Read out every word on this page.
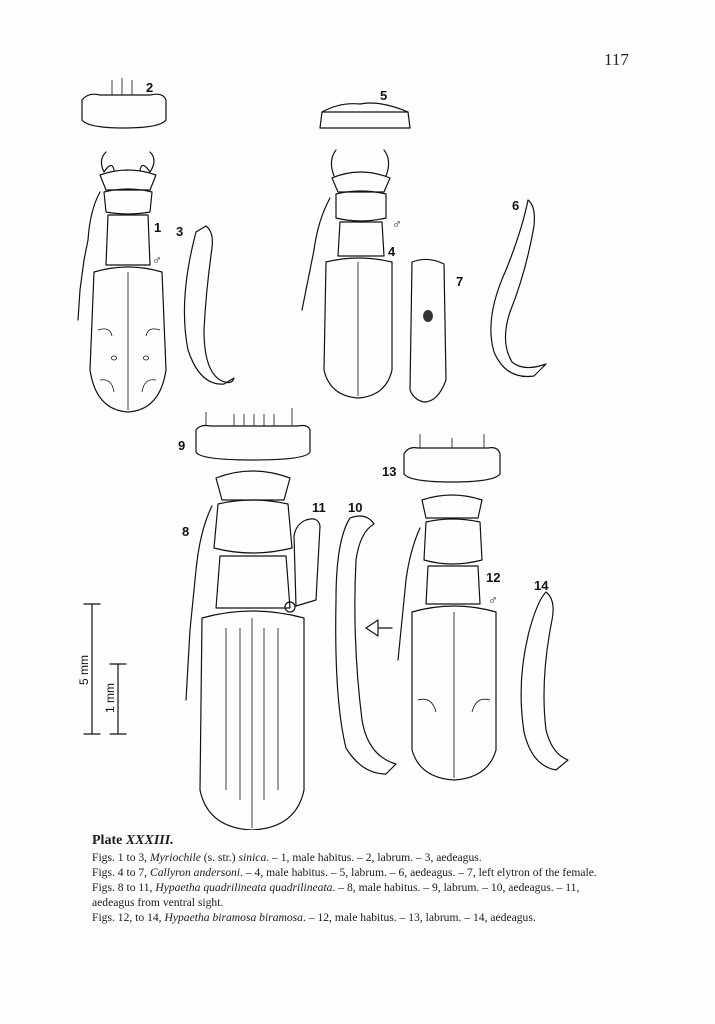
117
5 mm
1 mm
2
1 3
5
4
7
6
9
8
11 10
13
12
14
♂
♂
♂
Plate XXXIII.

Figs. 1 to 3, Myriochile (s. str.) sinica. – 1, male habitus. – 2, labrum. – 3, aedeagus.

Figs. 4 to 7, Callyron andersoni. – 4, male habitus. – 5, labrum. – 6, aedeagus. – 7, left elytron of the female.

Figs. 8 to 11, Hypaetha quadrilineata quadrilineata. – 8, male habitus. – 9, labrum. – 10, aedeagus. – 11, aedeagus from ventral sight.

Figs. 12, to 14, Hypaetha biramosa biramosa. – 12, male habitus. – 13, labrum. – 14, aedeagus.
